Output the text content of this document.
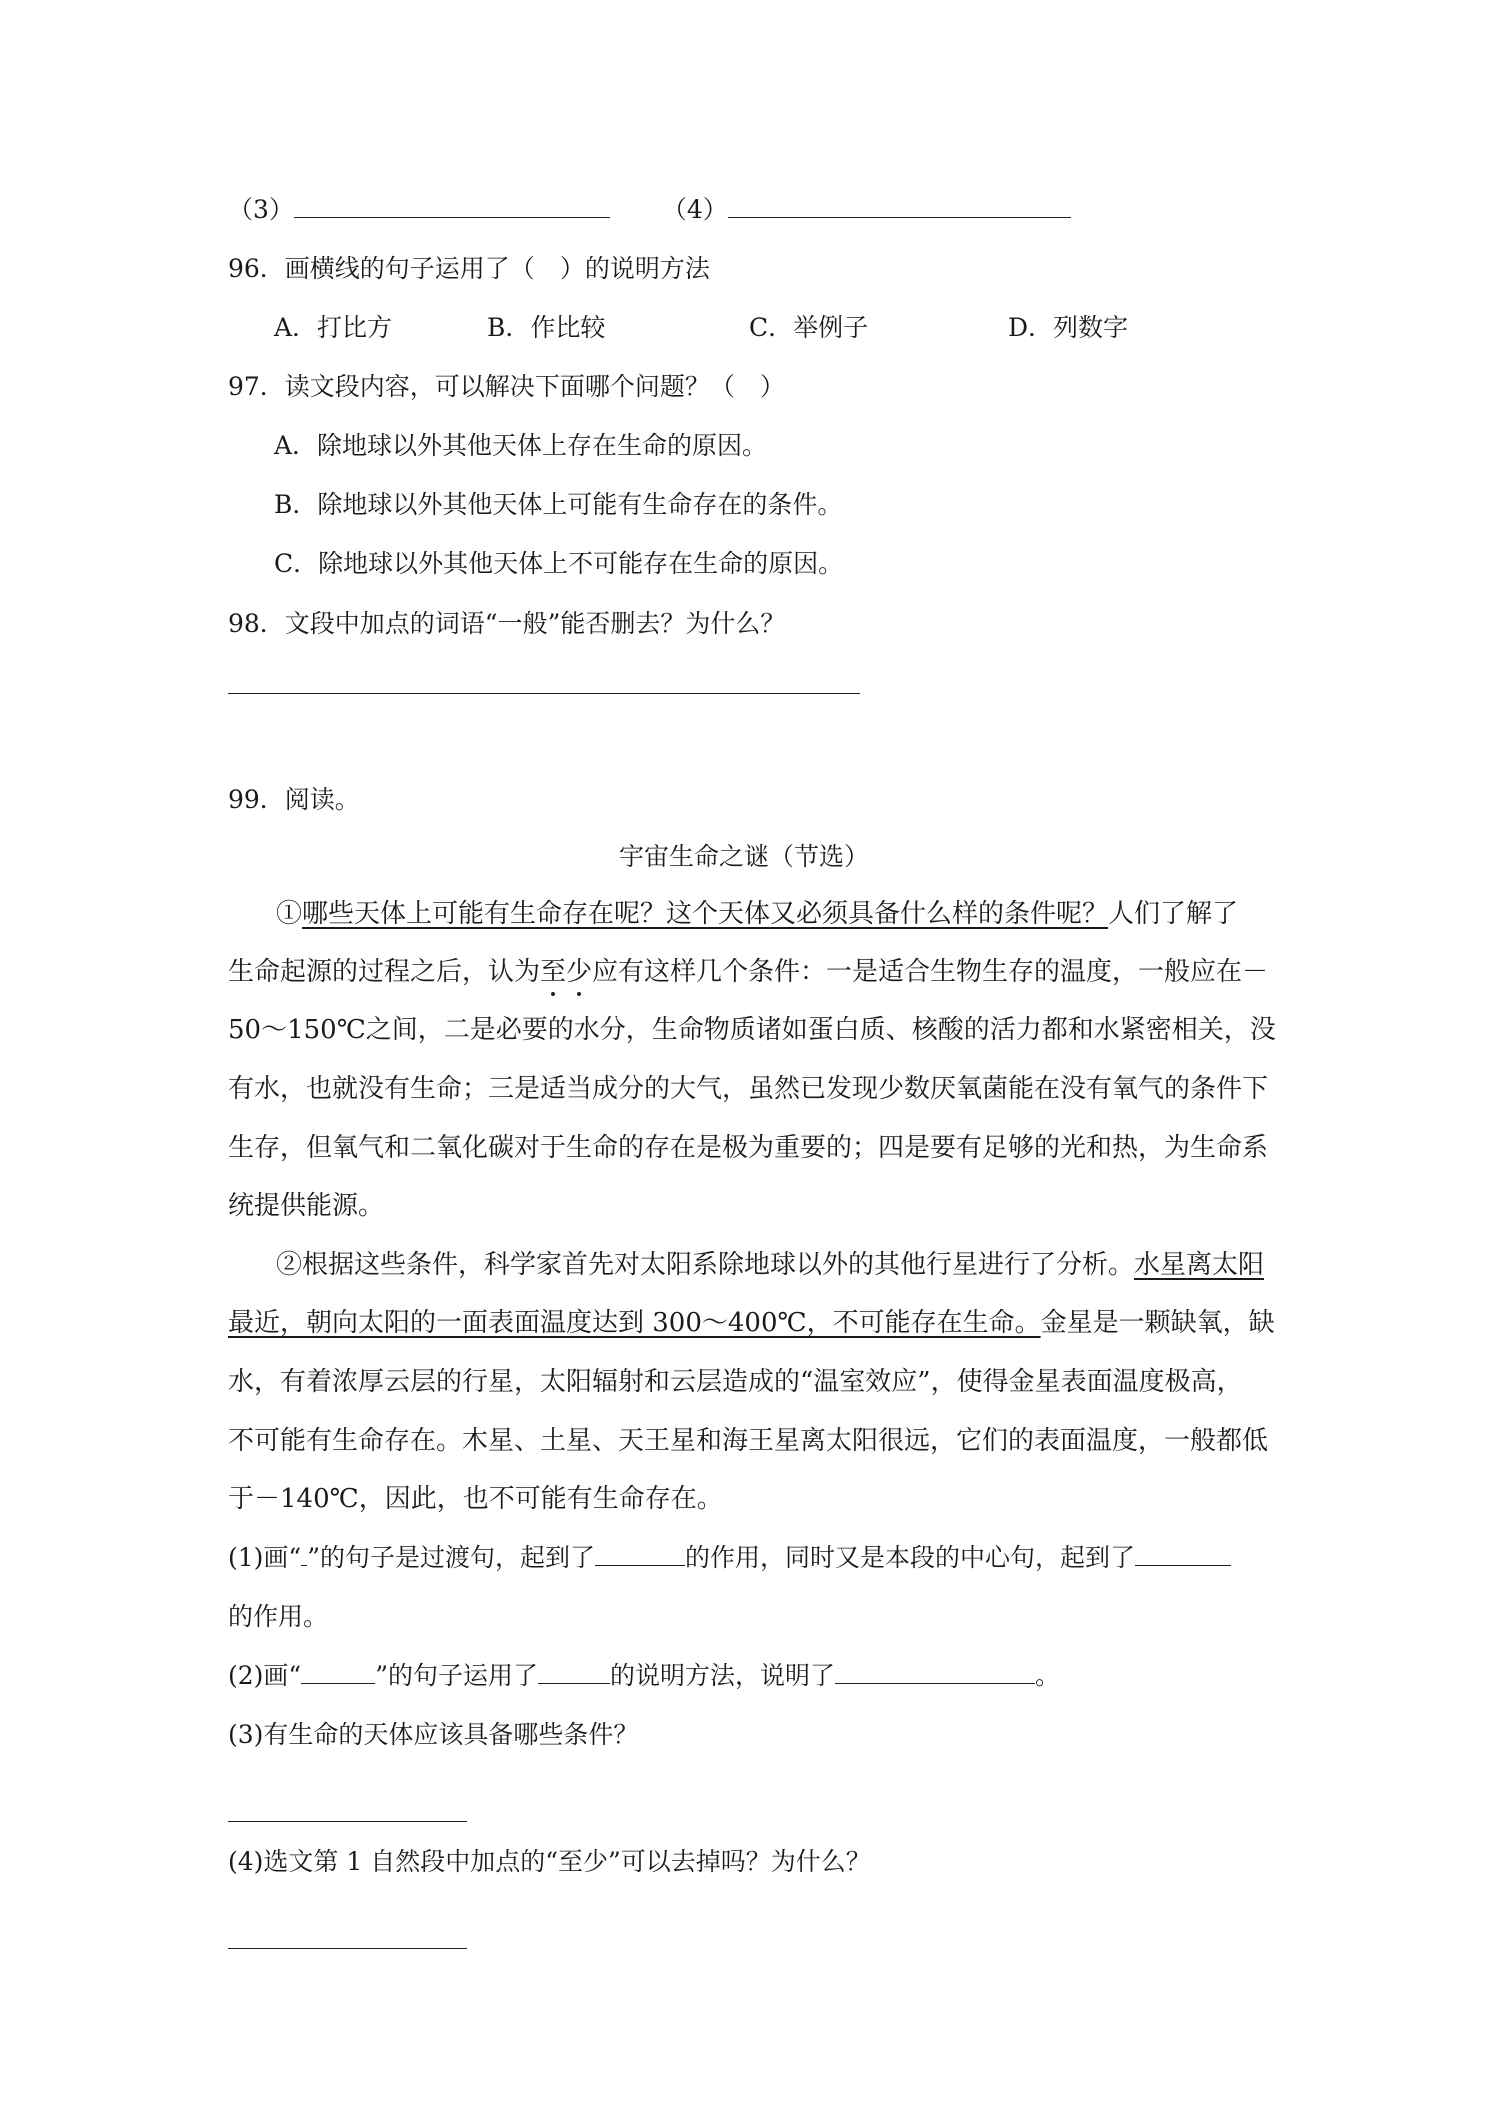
（3）	（4）
96．画横线的句子运用了（　）的说明方法
A．打比方	B．作比较	C．举例子	D．列数字
97．读文段内容，可以解决下面哪个问题？（　）
A．除地球以外其他天体上存在生命的原因。
B．除地球以外其他天体上可能有生命存在的条件。
C．除地球以外其他天体上不可能存在生命的原因。
98．文段中加点的词语“一般”能否删去？为什么？
99．阅读。
宇宙生命之谜（节选）
①哪些天体上可能有生命存在呢？这个天体又必须具备什么样的条件呢？人们了解了
生命起源的过程之后，认为至少应有这样几个条件：一是适合生物生存的温度，一般应在－
50～150℃之间，二是必要的水分，生命物质诸如蛋白质、核酸的活力都和水紧密相关，没
有水，也就没有生命；三是适当成分的大气，虽然已发现少数厌氧菌能在没有氧气的条件下
生存，但氧气和二氧化碳对于生命的存在是极为重要的；四是要有足够的光和热，为生命系
统提供能源。
②根据这些条件，科学家首先对太阳系除地球以外的其他行星进行了分析。水星离太阳
最近，朝向太阳的一面表面温度达到 300～400℃，不可能存在生命。金星是一颗缺氧，缺
水，有着浓厚云层的行星，太阳辐射和云层造成的“温室效应”，使得金星表面温度极高，
不可能有生命存在。木星、土星、天王星和海王星离太阳很远，它们的表面温度，一般都低
于－140℃，因此，也不可能有生命存在。
(1)画“ ”的句子是过渡句，起到了	的作用，同时又是本段的中心句，起到了
的作用。
(2)画“	”的句子运用了	的说明方法，说明了	。
(3)有生命的天体应该具备哪些条件？
(4)选文第 1 自然段中加点的“至少”可以去掉吗？为什么？
